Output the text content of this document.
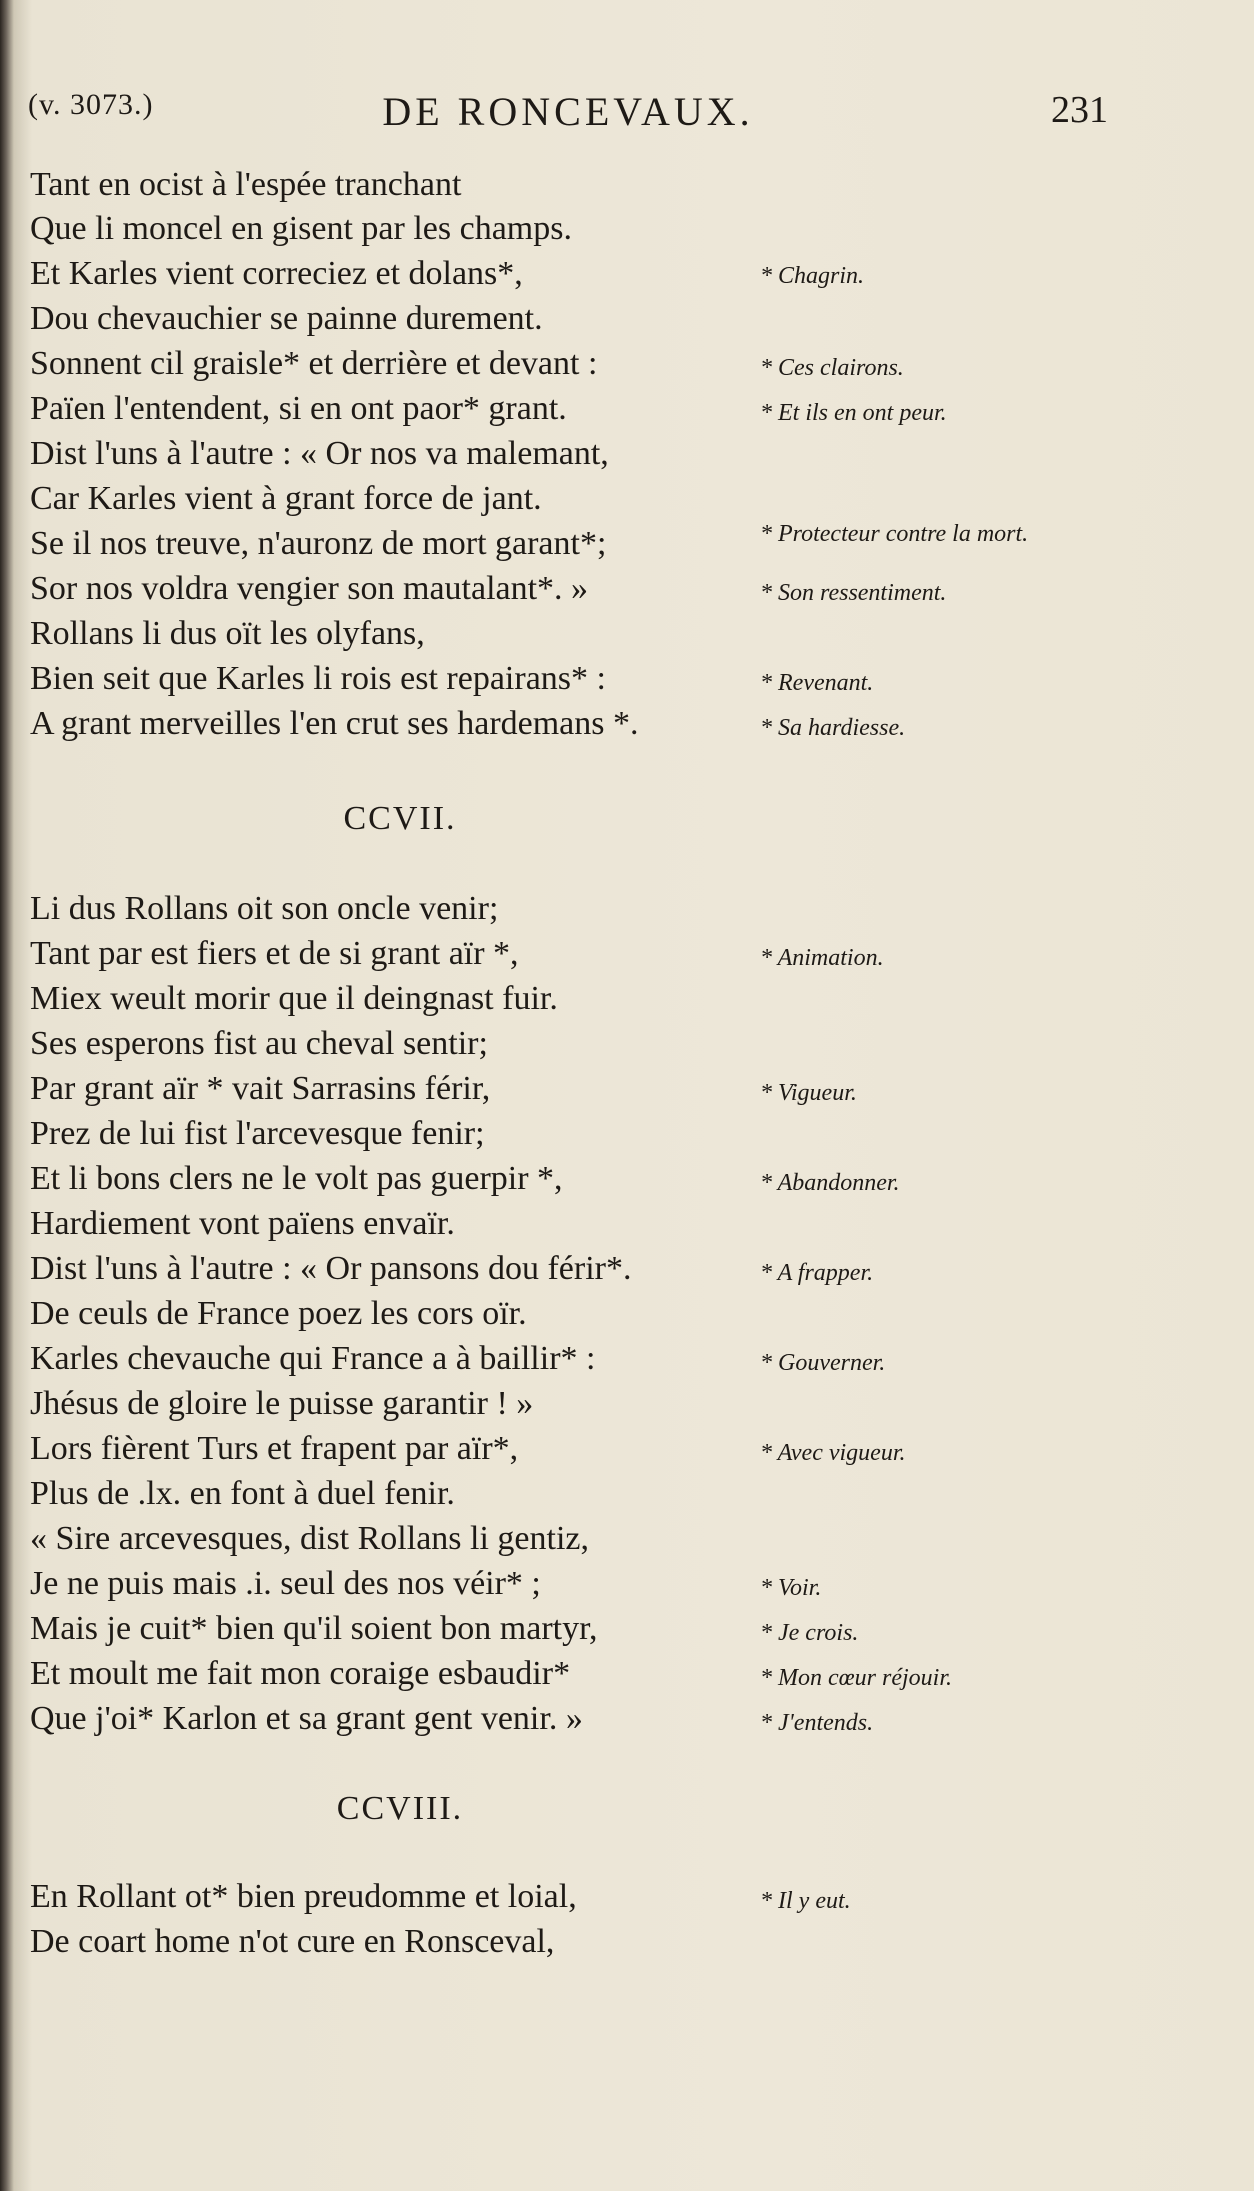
(v. 3073.)	DE RONCEVAUX.	231
Tant en ocist à l'espée tranchant
Que li moncel en gisent par les champs.
Et Karles vient correciez et dolans*,
Dou chevauchier se painne durement.
Sonnent cil graisle* et derrière et devant :
Païen l'entendent, si en ont paor* grant.
Dist l'uns à l'autre : « Or nos va malemant,
Car Karles vient à grant force de jant.
Se il nos treuve, n'auronz de mort garant*;
Sor nos voldra vengier son mautalant*. »
Rollans li dus oït les olyfans,
Bien seit que Karles li rois est repairans* :
A grant merveilles l'en crut ses hardemans *.
CCVII.
Li dus Rollans oit son oncle venir;
Tant par est fiers et de si grant aïr *,
Miex weult morir que il deingnast fuir.
Ses esperons fist au cheval sentir;
Par grant aïr * vait Sarrasins férir,
Prez de lui fist l'arcevesque fenir;
Et li bons clers ne le volt pas guerpir *,
Hardiement vont païens envaïr.
Dist l'uns à l'autre : « Or pansons dou férir*.
De ceuls de France poez les cors oïr.
Karles chevauche qui France a à baillir* :
Jhésus de gloire le puisse garantir ! »
Lors fièrent Turs et frapent par aïr*,
Plus de .lx. en font à duel fenir.
« Sire arcevesques, dist Rollans li gentiz,
Je ne puis mais .i. seul des nos véir* ;
Mais je cuit* bien qu'il soient bon martyr,
Et moult me fait mon coraige esbaudir*
Que j'oi* Karlon et sa grant gent venir. »
CCVIII.
En Rollant ot* bien preudomme et loial,
De coart home n'ot cure en Ronsceval,
* Chagrin.
* Ces clairons.
* Et ils en ont peur.
* Protecteur contre la mort.
* Son ressentiment.
* Revenant.
* Sa hardiesse.
* Animation.
* Vigueur.
* Abandonner.
* A frapper.
* Gouverner.
* Avec vigueur.
* Voir.
* Je crois.
* Mon cœur réjouir.
* J'entends.
* Il y eut.
